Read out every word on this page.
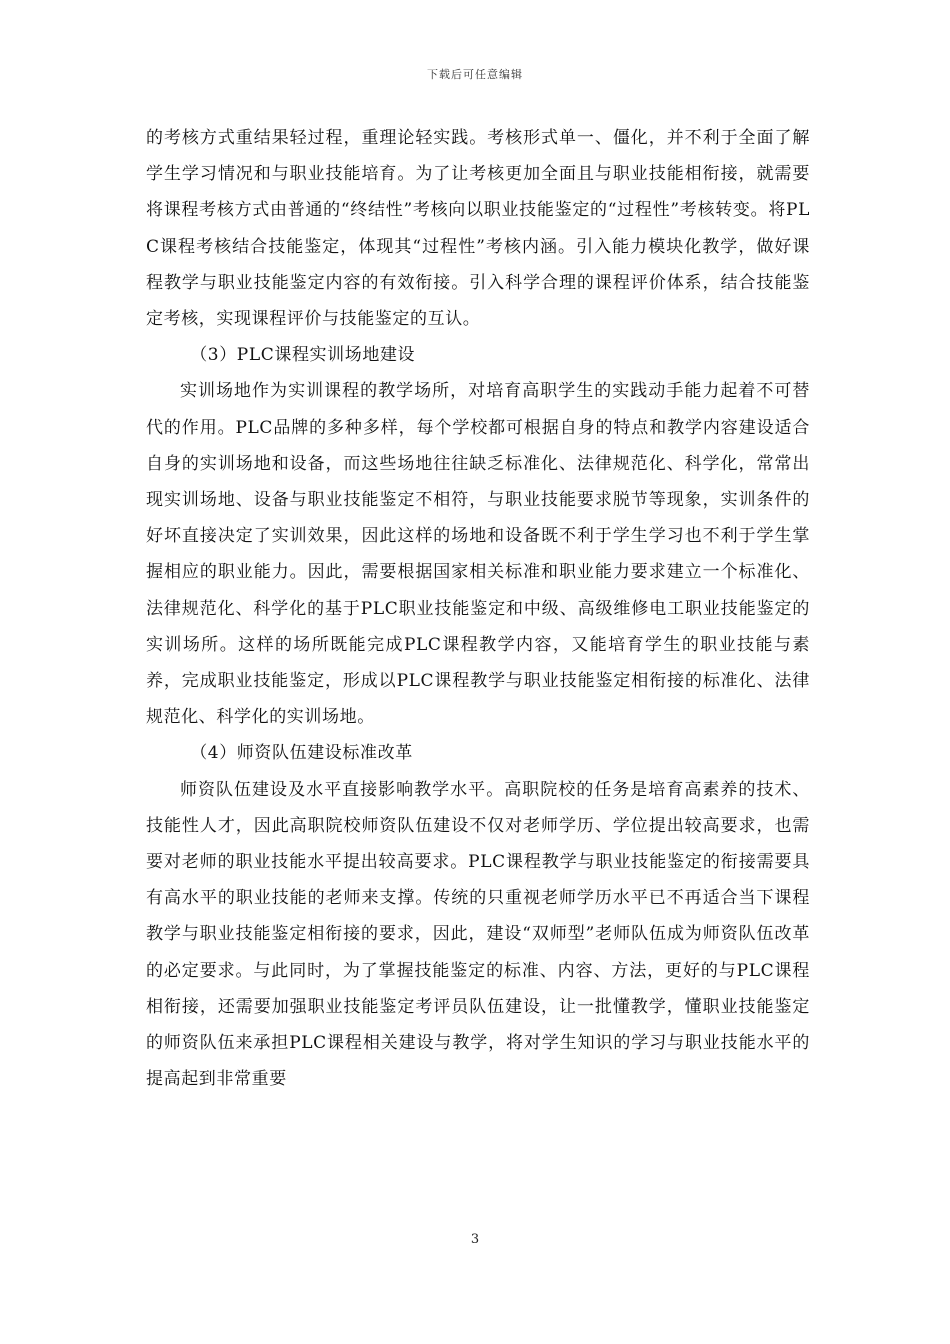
下载后可任意编辑

的考核方式重结果轻过程，重理论轻实践。考核形式单一、僵化，并不利于全面了解学生学习情况和与职业技能培育。为了让考核更加全面且与职业技能相衔接，就需要将课程考核方式由普通的“终结性”考核向以职业技能鉴定的“过程性”考核转变。将PLC课程考核结合技能鉴定，体现其“过程性”考核内涵。引入能力模块化教学，做好课程教学与职业技能鉴定内容的有效衔接。引入科学合理的课程评价体系，结合技能鉴定考核，实现课程评价与技能鉴定的互认。

（3）PLC课程实训场地建设

实训场地作为实训课程的教学场所，对培育高职学生的实践动手能力起着不可替代的作用。PLC品牌的多种多样，每个学校都可根据自身的特点和教学内容建设适合自身的实训场地和设备，而这些场地往往缺乏标准化、法律规范化、科学化，常常出现实训场地、设备与职业技能鉴定不相符，与职业技能要求脱节等现象，实训条件的好坏直接决定了实训效果，因此这样的场地和设备既不利于学生学习也不利于学生掌握相应的职业能力。因此，需要根据国家相关标准和职业能力要求建立一个标准化、法律规范化、科学化的基于PLC职业技能鉴定和中级、高级维修电工职业技能鉴定的实训场所。这样的场所既能完成PLC课程教学内容，又能培育学生的职业技能与素养，完成职业技能鉴定，形成以PLC课程教学与职业技能鉴定相衔接的标准化、法律规范化、科学化的实训场地。

（4）师资队伍建设标准改革

师资队伍建设及水平直接影响教学水平。高职院校的任务是培育高素养的技术、技能性人才，因此高职院校师资队伍建设不仅对老师学历、学位提出较高要求，也需要对老师的职业技能水平提出较高要求。PLC课程教学与职业技能鉴定的衔接需要具有高水平的职业技能的老师来支撑。传统的只重视老师学历水平已不再适合当下课程教学与职业技能鉴定相衔接的要求，因此，建设“双师型”老师队伍成为师资队伍改革的必定要求。与此同时，为了掌握技能鉴定的标准、内容、方法，更好的与PLC课程相衔接，还需要加强职业技能鉴定考评员队伍建设，让一批懂教学，懂职业技能鉴定的师资队伍来承担PLC课程相关建设与教学，将对学生知识的学习与职业技能水平的提高起到非常重要

3
